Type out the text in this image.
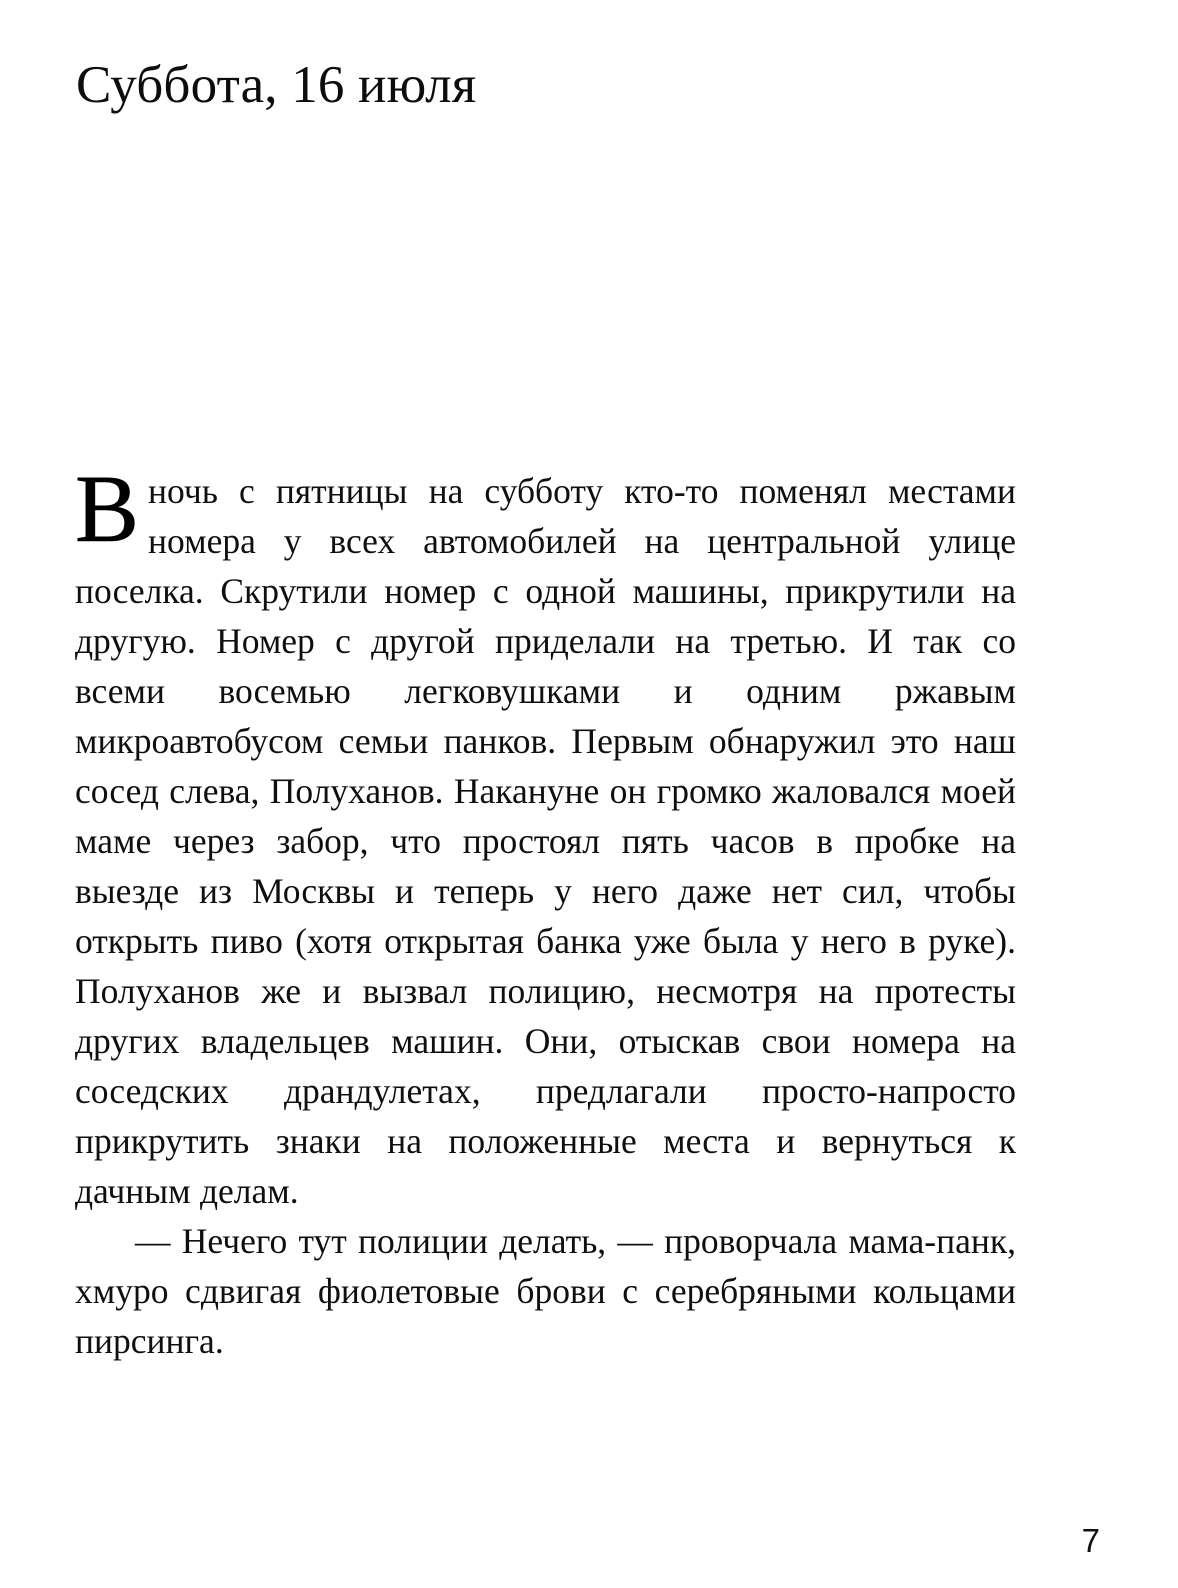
Суббота, 16 июля

Вночь с пятницы на субботу кто-то поменял местами номера у всех автомобилей на центральной улице поселка. Скрутили номер с одной машины, прикрутили на другую. Номер с другой приделали на третью. И так со всеми восемью легковушками и одним ржавым микроавтобусом семьи панков. Первым обнаружил это наш сосед слева, Полуханов. Накануне он громко жаловался моей маме через забор, что простоял пять часов в пробке на выезде из Москвы и теперь у него даже нет сил, чтобы открыть пиво (хотя открытая банка уже была у него в руке). Полуханов же и вызвал полицию, несмотря на протесты других владельцев машин. Они, отыскав свои номера на соседских драндулетах, предлагали просто-напросто прикрутить знаки на положенные места и вернуться к дачным делам.

— Нечего тут полиции делать, — проворчала мама-панк, хмуро сдвигая фиолетовые брови с серебряными кольцами пирсинга.

7
